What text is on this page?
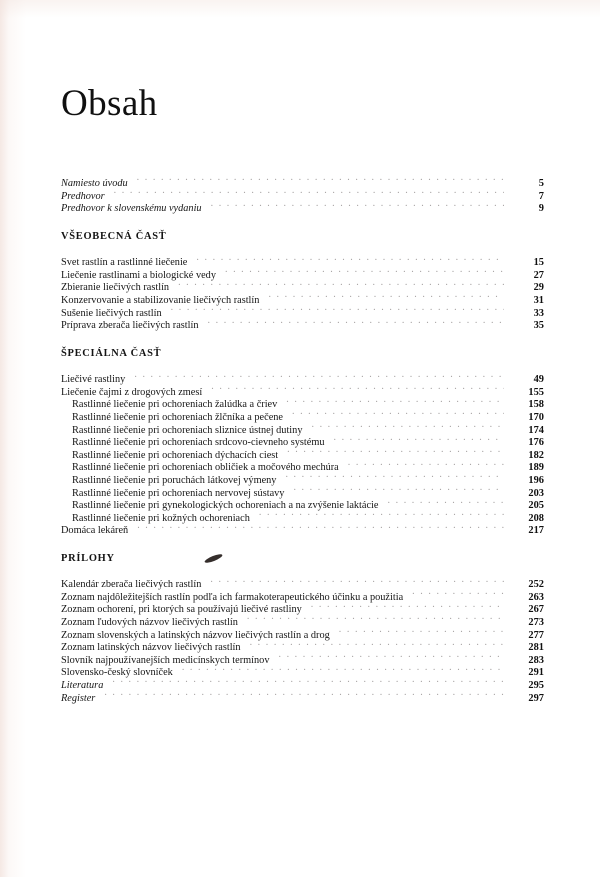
Obsah
Namiesto úvodu . . .	5
Predhovor . . .	7
Predhovor k slovenskému vydaniu . . .	9
VŠEOBECNÁ ČASŤ
Svet rastlín a rastlinné liečenie . . .	15
Liečenie rastlinami a biologické vedy . . .	27
Zbieranie liečivých rastlín . . .	29
Konzervovanie a stabilizovanie liečivých rastlín . . .	31
Sušenie liečivých rastlín . . .	33
Príprava zberača liečivých rastlín . . .	35
ŠPECIÁLNA ČASŤ
Liečivé rastliny . . .	49
Liečenie čajmi z drogových zmesí . . .	155
Rastlinné liečenie pri ochoreniach žalúdka a čriev . . .	158
Rastlinné liečenie pri ochoreniach žlčníka a pečene . . .	170
Rastlinné liečenie pri ochoreniach sliznice ústnej dutiny . . .	174
Rastlinné liečenie pri ochoreniach srdcovo-cievneho systému . . .	176
Rastlinné liečenie pri ochoreniach dýchacích ciest . . .	182
Rastlinné liečenie pri ochoreniach obličiek a močového mechúra . . .	189
Rastlinné liečenie pri poruchách látkovej výmeny . . .	196
Rastlinné liečenie pri ochoreniach nervovej sústavy . . .	203
Rastlinné liečenie pri gynekologických ochoreniach a na zvýšenie laktácie . . .	205
Rastlinné liečenie pri kožných ochoreniach . . .	208
Domáca lekáreň . . .	217
PRÍLOHY
Kalendár zberača liečivých rastlín . . .	252
Zoznam najdôležitejších rastlín podľa ich farmakoterapeutického účinku a použitia . . .	263
Zoznam ochorení, pri ktorých sa používajú liečivé rastliny . . .	267
Zoznam ľudových názvov liečivých rastlín . . .	273
Zoznam slovenských a latinských názvov liečivých rastlín a drog . . .	277
Zoznam latinských názvov liečivých rastlín . . .	281
Slovník najpoužívanejších medicínskych termínov . . .	283
Slovensko-český slovníček . . .	291
Literatura . . .	295
Register . . .	297
